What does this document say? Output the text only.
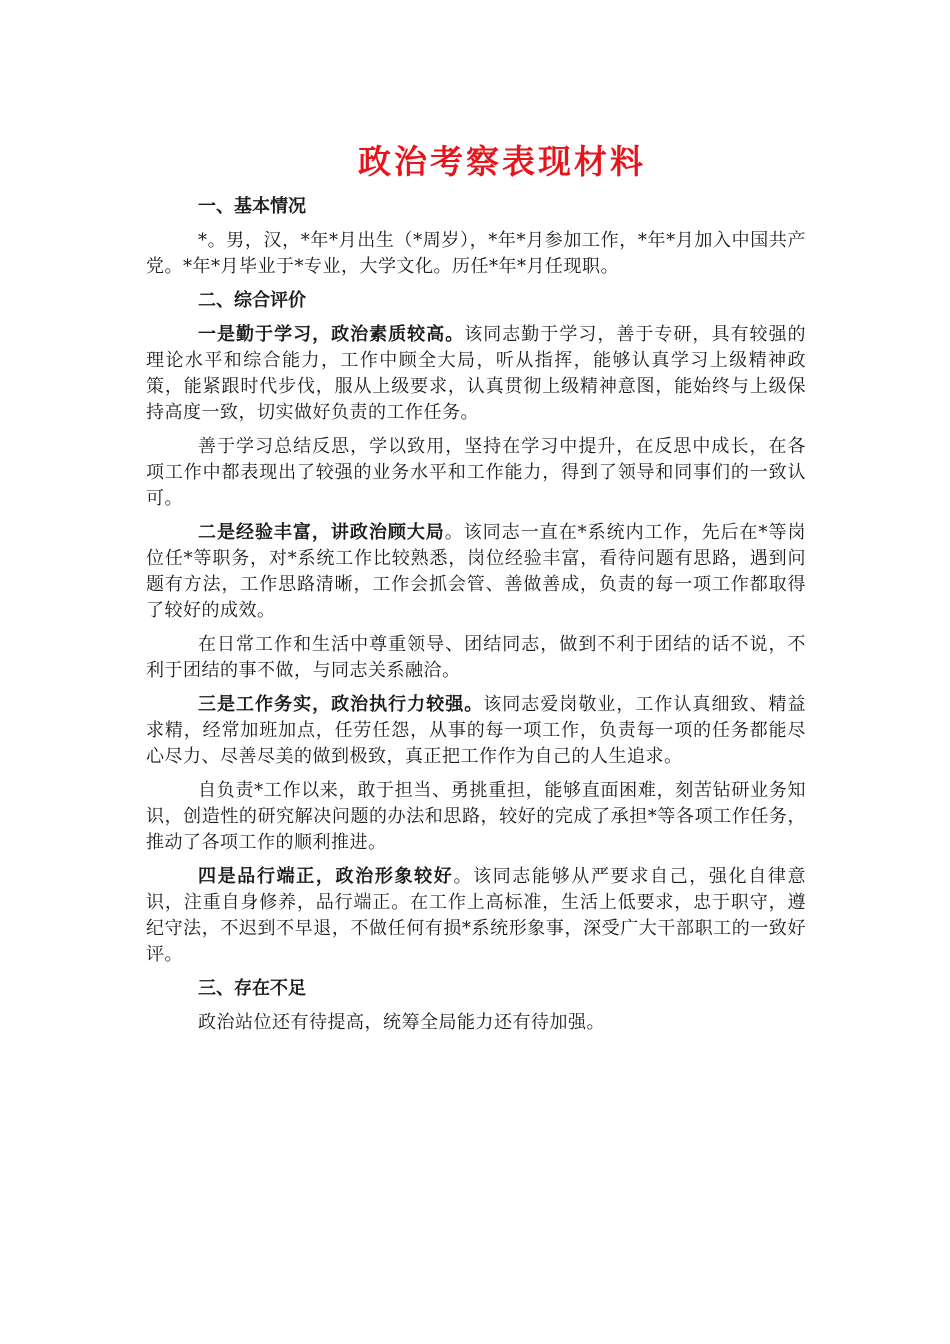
政治考察表现材料
一、基本情况

*。男，汉，*年*月出生（*周岁），*年*月参加工作，*年*月加入中国共产党。*年*月毕业于*专业，大学文化。历任*年*月任现职。

二、综合评价

一是勤于学习，政治素质较高。该同志勤于学习，善于专研，具有较强的理论水平和综合能力，工作中顾全大局，听从指挥，能够认真学习上级精神政策，能紧跟时代步伐，服从上级要求，认真贯彻上级精神意图，能始终与上级保持高度一致，切实做好负责的工作任务。

善于学习总结反思，学以致用，坚持在学习中提升，在反思中成长，在各项工作中都表现出了较强的业务水平和工作能力，得到了领导和同事们的一致认可。

二是经验丰富，讲政治顾大局。该同志一直在*系统内工作，先后在*等岗位任*等职务，对*系统工作比较熟悉，岗位经验丰富，看待问题有思路，遇到问题有方法，工作思路清晰，工作会抓会管、善做善成，负责的每一项工作都取得了较好的成效。

在日常工作和生活中尊重领导、团结同志，做到不利于团结的话不说，不利于团结的事不做，与同志关系融洽。

三是工作务实，政治执行力较强。该同志爱岗敬业，工作认真细致、精益求精，经常加班加点，任劳任怨，从事的每一项工作，负责每一项的任务都能尽心尽力、尽善尽美的做到极致，真正把工作作为自己的人生追求。

自负责*工作以来，敢于担当、勇挑重担，能够直面困难，刻苦钻研业务知识，创造性的研究解决问题的办法和思路，较好的完成了承担*等各项工作任务，推动了各项工作的顺利推进。

四是品行端正，政治形象较好。该同志能够从严要求自己，强化自律意识，注重自身修养，品行端正。在工作上高标准，生活上低要求，忠于职守，遵纪守法，不迟到不早退，不做任何有损*系统形象事，深受广大干部职工的一致好评。

三、存在不足

政治站位还有待提高，统筹全局能力还有待加强。
